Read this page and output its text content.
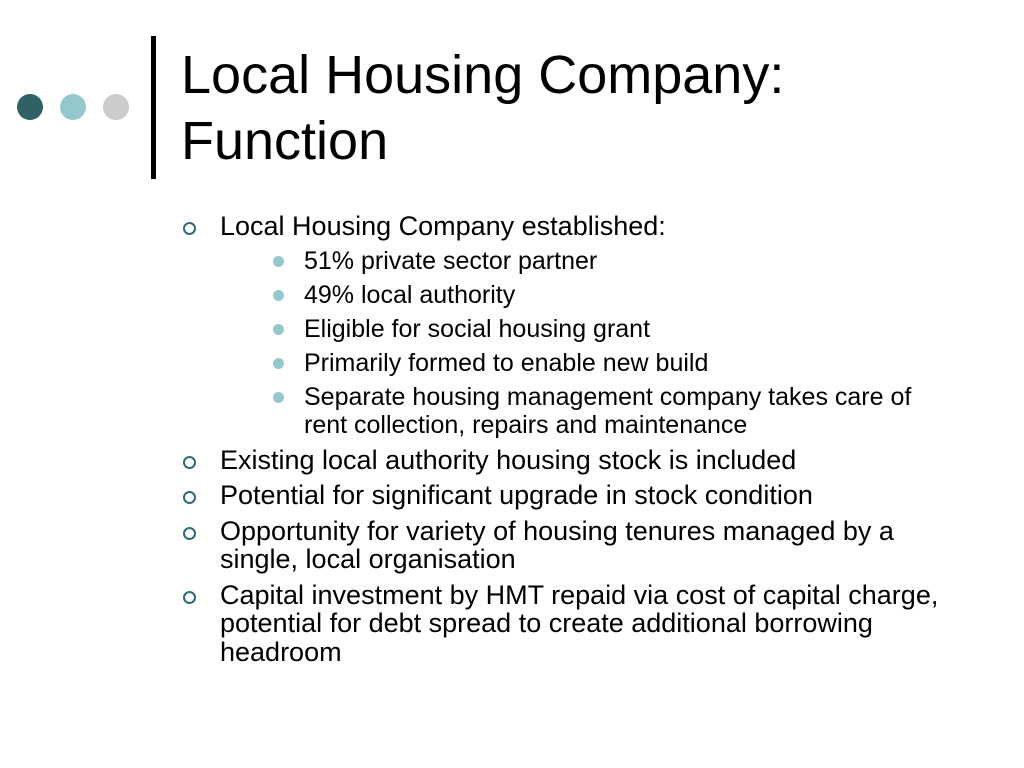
Local Housing Company:
Function
Local Housing Company established:
51% private sector partner
49% local authority
Eligible for social housing grant
Primarily formed to enable new build
Separate housing management company takes care of rent collection, repairs and maintenance
Existing local authority housing stock is included
Potential for significant upgrade in stock condition
Opportunity for variety of housing tenures managed by a single, local organisation
Capital investment by HMT repaid via cost of capital charge, potential for debt spread to create additional borrowing headroom
